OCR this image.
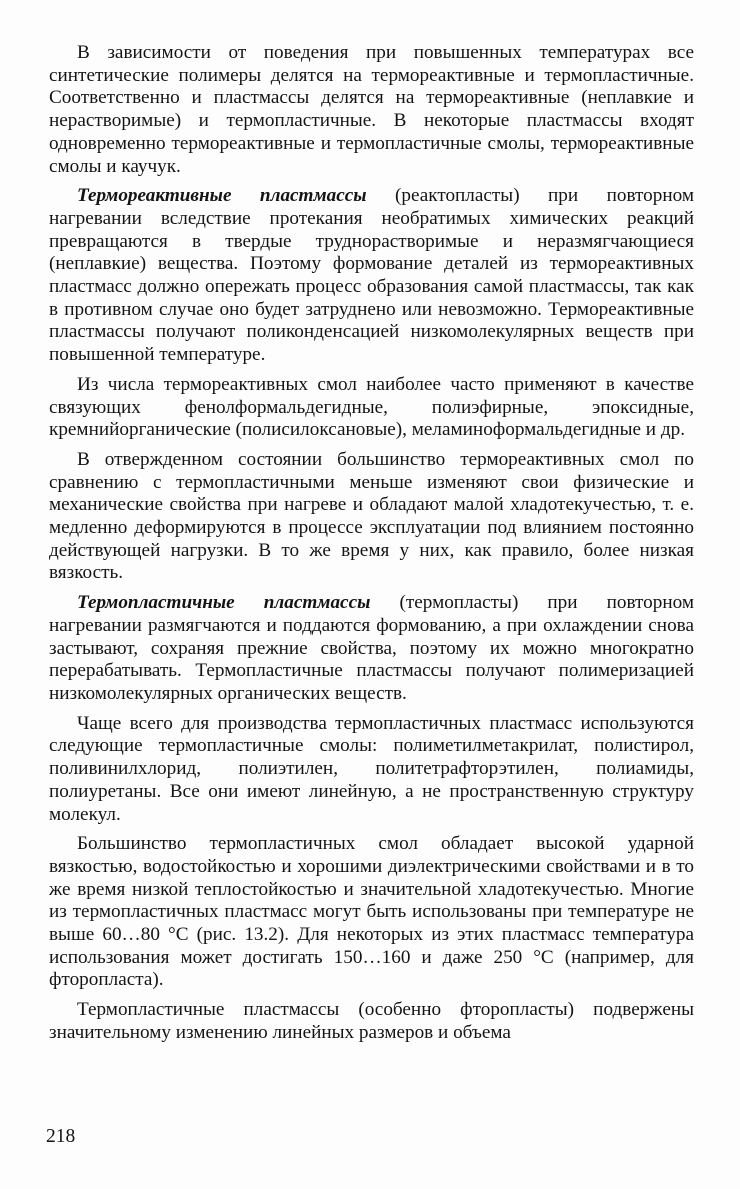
В зависимости от поведения при повышенных температурах все синтетические полимеры делятся на термореактивные и термопластичные. Соответственно и пластмассы делятся на термореактивные (неплавкие и нерастворимые) и термопластичные. В некоторые пластмассы входят одновременно термореактивные и термопластичные смолы, термореактивные смолы и каучук.

Термореактивные пластмассы (реактопласты) при повторном нагревании вследствие протекания необратимых химических реакций превращаются в твердые труднорастворимые и неразмягчающиеся (неплавкие) вещества. Поэтому формование деталей из термореактивных пластмасс должно опережать процесс образования самой пластмассы, так как в противном случае оно будет затруднено или невозможно. Термореактивные пластмассы получают поликонденсацией низкомолекулярных веществ при повышенной температуре.

Из числа термореактивных смол наиболее часто применяют в качестве связующих фенолформальдегидные, полиэфирные, эпоксидные, кремнийорганические (полисилоксановые), меламиноформальдегидные и др.

В отвержденном состоянии большинство термореактивных смол по сравнению с термопластичными меньше изменяют свои физические и механические свойства при нагреве и обладают малой хладотекучестью, т. е. медленно деформируются в процессе эксплуатации под влиянием постоянно действующей нагрузки. В то же время у них, как правило, более низкая вязкость.

Термопластичные пластмассы (термопласты) при повторном нагревании размягчаются и поддаются формованию, а при охлаждении снова застывают, сохраняя прежние свойства, поэтому их можно многократно перерабатывать. Термопластичные пластмассы получают полимеризацией низкомолекулярных органических веществ.

Чаще всего для производства термопластичных пластмасс используются следующие термопластичные смолы: полиметилметакрилат, полистирол, поливинилхлорид, полиэтилен, политетрафторэтилен, полиамиды, полиуретаны. Все они имеют линейную, а не пространственную структуру молекул.

Большинство термопластичных смол обладает высокой ударной вязкостью, водостойкостью и хорошими диэлектрическими свойствами и в то же время низкой теплостойкостью и значительной хладотекучестью. Многие из термопластичных пластмасс могут быть использованы при температуре не выше 60…80 °С (рис. 13.2). Для некоторых из этих пластмасс температура использования может достигать 150…160 и даже 250 °С (например, для фторопласта).

Термопластичные пластмассы (особенно фторопласты) подвержены значительному изменению линейных размеров и объема

218
